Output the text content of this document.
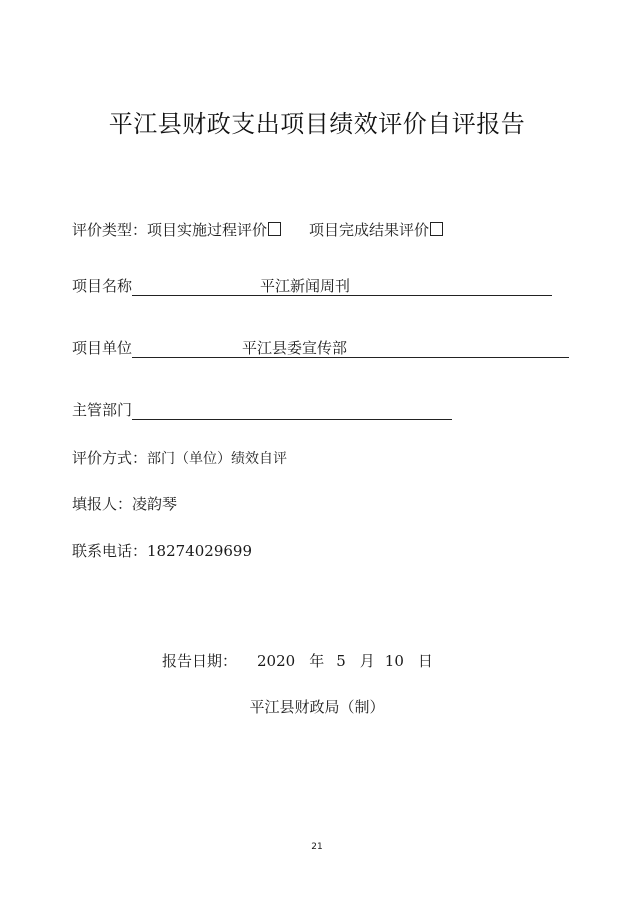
平江县财政支出项目绩效评价自评报告
评价类型：项目实施过程评价	项目完成结果评价
项目名称	平江新闻周刊
项目单位	平江县委宣传部
主管部门
评价方式：部门（单位）绩效自评
填报人：凌韵琴
联系电话：18274029699
报告日期： 2020 年 5 月 10 日
平江县财政局（制）
21
